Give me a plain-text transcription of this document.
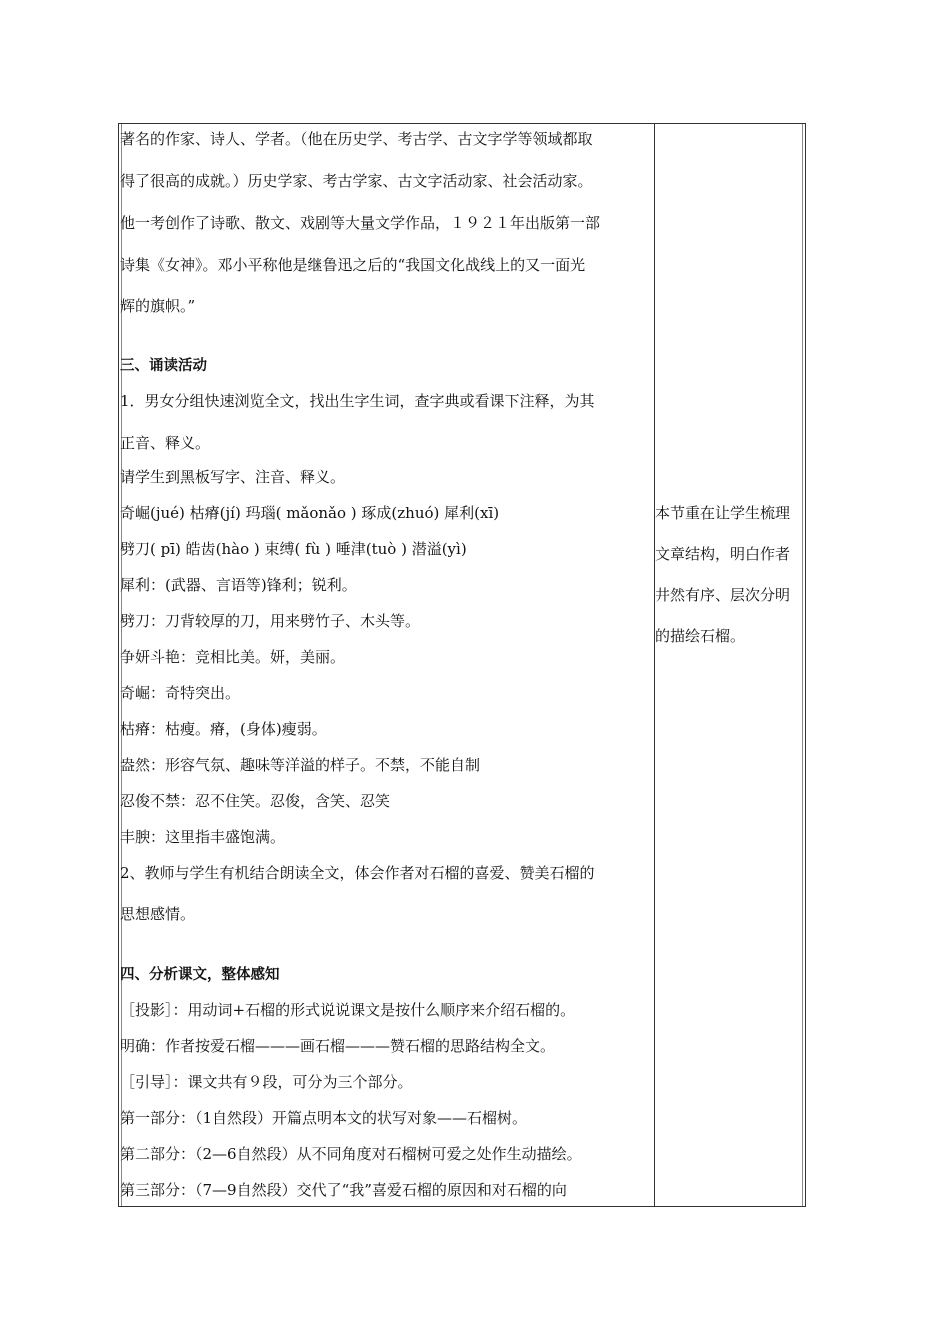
著名的作家、诗人、学者。（他在历史学、考古学、古文字学等领域都取
得了很高的成就。）历史学家、考古学家、古文字活动家、社会活动家。
他一考创作了诗歌、散文、戏剧等大量文学作品，１９２１年出版第一部
诗集《女神》。邓小平称他是继鲁迅之后的“我国文化战线上的又一面光
辉的旗帜。”
三、诵读活动
1．男女分组快速浏览全文，找出生字生词，查字典或看课下注释，为其
正音、释义。
请学生到黑板写字、注音、释义。
奇崛(jué) 枯瘠(jí) 玛瑙( mǎonǎo ) 琢成(zhuó) 犀利(xī)
劈刀( pī) 皓齿(hào ) 束缚( fù ) 唾津(tuò ) 潜溢(yì)
犀利：(武器、言语等)锋利；锐利。
劈刀：刀背较厚的刀，用来劈竹子、木头等。
争妍斗艳：竞相比美。妍，美丽。
奇崛：奇特突出。
枯瘠：枯瘦。瘠，(身体)瘦弱。
盎然：形容气氛、趣味等洋溢的样子。不禁，不能自制
忍俊不禁：忍不住笑。忍俊，含笑、忍笑
丰腴：这里指丰盛饱满。
2、教师与学生有机结合朗读全文，体会作者对石榴的喜爱、赞美石榴的
思想感情。
四、分析课文，整体感知
［投影］：用动词+石榴的形式说说课文是按什么顺序来介绍石榴的。
明确：作者按爱石榴———画石榴———赞石榴的思路结构全文。
［引导］：课文共有９段，可分为三个部分。
第一部分：（1自然段）开篇点明本文的状写对象——石榴树。
第二部分：（2—6自然段）从不同角度对石榴树可爱之处作生动描绘。
第三部分：（7—9自然段）交代了“我”喜爱石榴的原因和对石榴的向
本节重在让学生梳理
文章结构，明白作者
井然有序、层次分明
的描绘石榴。
